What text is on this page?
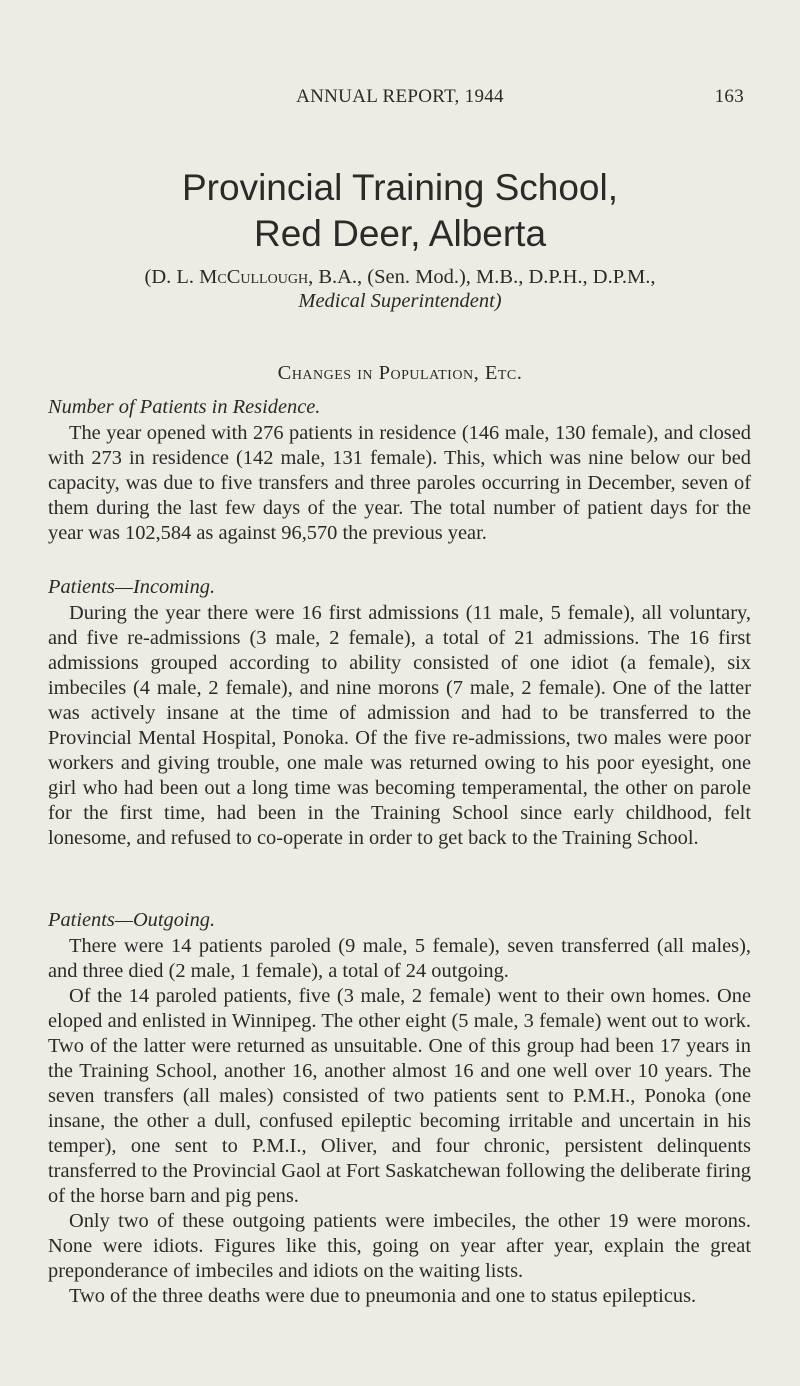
ANNUAL REPORT, 1944	163
Provincial Training School,
Red Deer, Alberta
(D. L. McCullough, B.A., (Sen. Mod.), M.B., D.P.H., D.P.M.,
Medical Superintendent)
Changes in Population, Etc.
Number of Patients in Residence.

The year opened with 276 patients in residence (146 male, 130 female), and closed with 273 in residence (142 male, 131 female). This, which was nine below our bed capacity, was due to five transfers and three paroles occurring in December, seven of them during the last few days of the year. The total number of patient days for the year was 102,584 as against 96,570 the previous year.

Patients—Incoming.

During the year there were 16 first admissions (11 male, 5 female), all voluntary, and five re-admissions (3 male, 2 female), a total of 21 admissions. The 16 first admissions grouped according to ability consisted of one idiot (a female), six imbeciles (4 male, 2 female), and nine morons (7 male, 2 female). One of the latter was actively insane at the time of admission and had to be transferred to the Provincial Mental Hospital, Ponoka. Of the five re-admissions, two males were poor workers and giving trouble, one male was returned owing to his poor eyesight, one girl who had been out a long time was becoming temperamental, the other on parole for the first time, had been in the Training School since early childhood, felt lonesome, and refused to co-operate in order to get back to the Training School.

Patients—Outgoing.

There were 14 patients paroled (9 male, 5 female), seven transferred (all males), and three died (2 male, 1 female), a total of 24 outgoing.

Of the 14 paroled patients, five (3 male, 2 female) went to their own homes. One eloped and enlisted in Winnipeg. The other eight (5 male, 3 female) went out to work. Two of the latter were returned as unsuitable. One of this group had been 17 years in the Training School, another 16, another almost 16 and one well over 10 years. The seven transfers (all males) consisted of two patients sent to P.M.H., Ponoka (one insane, the other a dull, confused epileptic becoming irritable and uncertain in his temper), one sent to P.M.I., Oliver, and four chronic, persistent delinquents transferred to the Provincial Gaol at Fort Saskatchewan following the deliberate firing of the horse barn and pig pens.

Only two of these outgoing patients were imbeciles, the other 19 were morons. None were idiots. Figures like this, going on year after year, explain the great preponderance of imbeciles and idiots on the waiting lists.

Two of the three deaths were due to pneumonia and one to status epilepticus.
